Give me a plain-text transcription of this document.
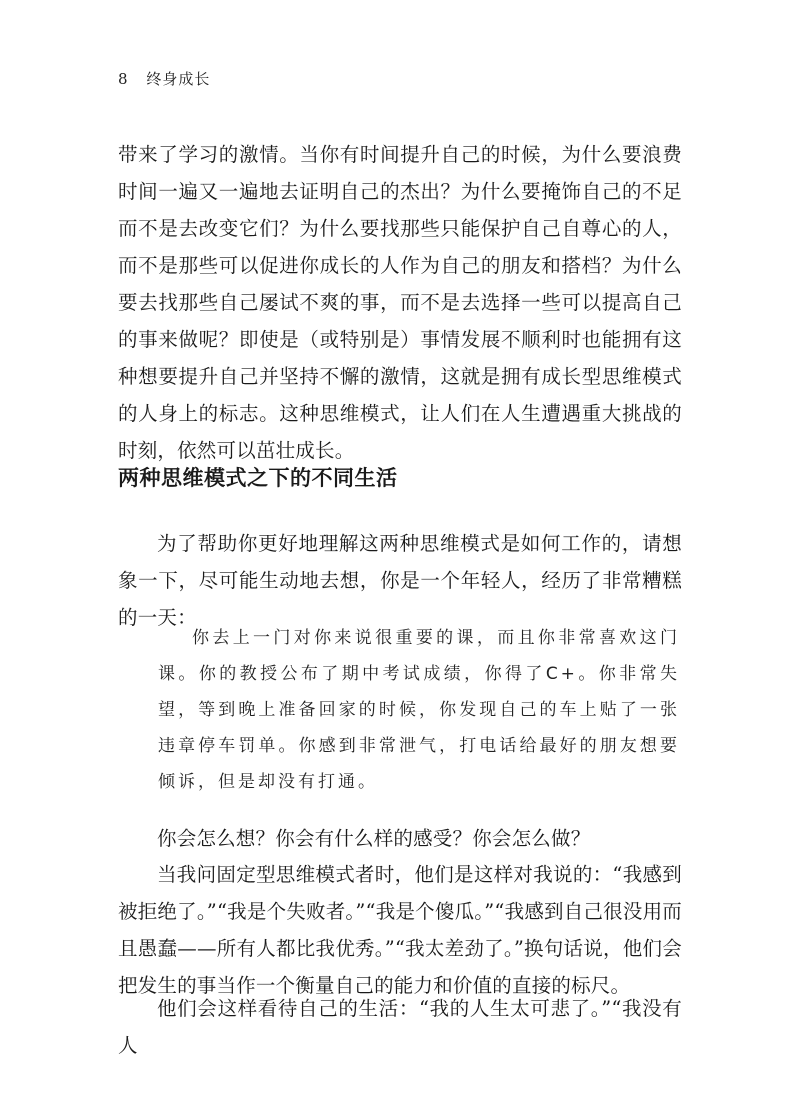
8 终身成长

带来了学习的激情。当你有时间提升自己的时候，为什么要浪费时间一遍又一遍地去证明自己的杰出？为什么要掩饰自己的不足而不是去改变它们？为什么要找那些只能保护自己自尊心的人，而不是那些可以促进你成长的人作为自己的朋友和搭档？为什么要去找那些自己屡试不爽的事，而不是去选择一些可以提高自己的事来做呢？即使是（或特别是）事情发展不顺利时也能拥有这种想要提升自己并坚持不懈的激情，这就是拥有成长型思维模式的人身上的标志。这种思维模式，让人们在人生遭遇重大挑战的时刻，依然可以茁壮成长。

两种思维模式之下的不同生活

为了帮助你更好地理解这两种思维模式是如何工作的，请想象一下，尽可能生动地去想，你是一个年轻人，经历了非常糟糕的一天：

你去上一门对你来说很重要的课，而且你非常喜欢这门课。你的教授公布了期中考试成绩，你得了C+。你非常失望，等到晚上准备回家的时候，你发现自己的车上贴了一张违章停车罚单。你感到非常泄气，打电话给最好的朋友想要倾诉，但是却没有打通。

你会怎么想？你会有什么样的感受？你会怎么做？

当我问固定型思维模式者时，他们是这样对我说的：“我感到被拒绝了。”“我是个失败者。”“我是个傻瓜。”“我感到自己很没用而且愚蠢——所有人都比我优秀。”“我太差劲了。”换句话说，他们会把发生的事当作一个衡量自己的能力和价值的直接的标尺。

他们会这样看待自己的生活：“我的人生太可悲了。”“我没有人
